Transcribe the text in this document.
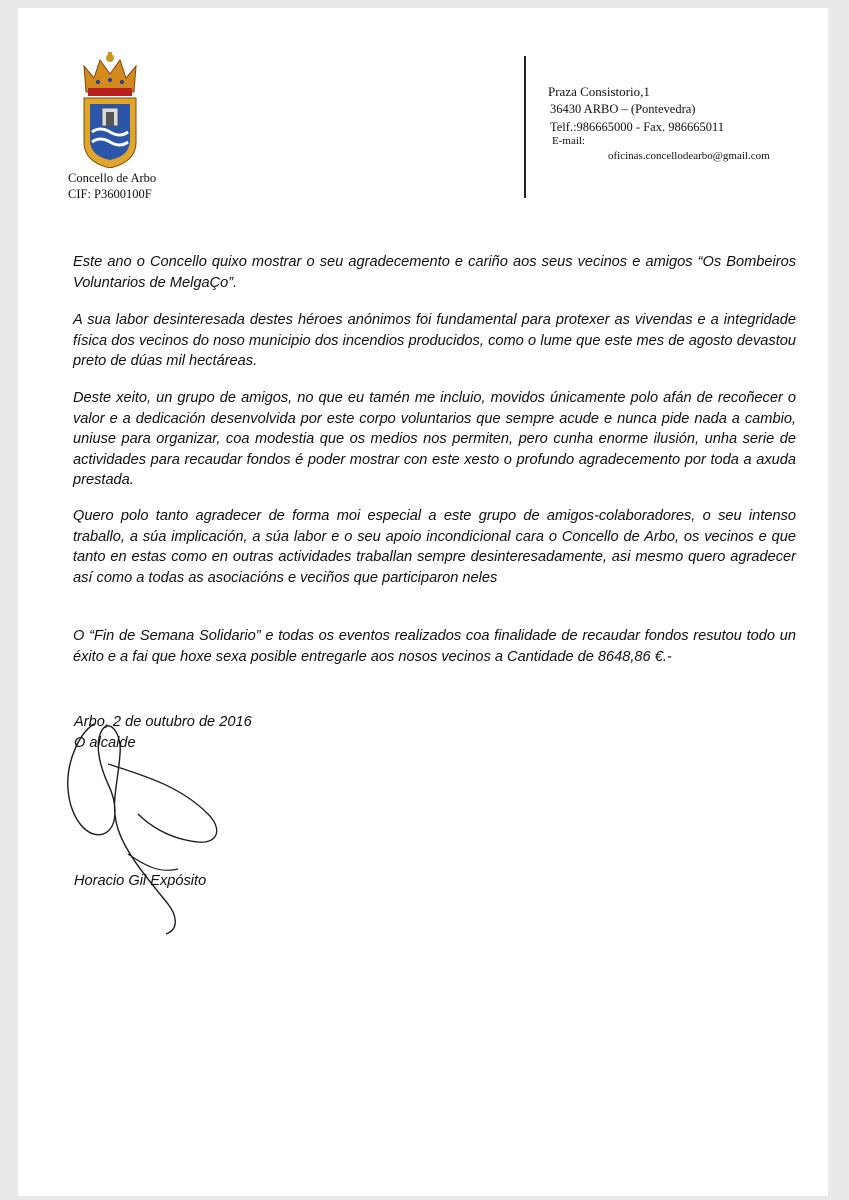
Concello de Arbo
CIF: P3600100F
Praza Consistorio,1
36430 ARBO – (Pontevedra)
Telf.:986665000 - Fax. 986665011
E-mail:
oficinas.concellodearbo@gmail.com

Este ano o Concello quixo mostrar o seu agradecemento e cariño aos seus vecinos e amigos “Os Bombeiros Voluntarios de MelgaÇo”.

A sua labor desinteresada destes héroes anónimos foi fundamental para protexer as vivendas e a integridade física dos vecinos do noso municipio dos incendios producidos, como o lume que este mes de agosto devastou preto de dúas mil hectáreas.

Deste xeito, un grupo de amigos, no que eu tamén me incluio, movidos únicamente polo afán de recoñecer o valor e a dedicación desenvolvida por este corpo voluntarios que sempre acude e nunca pide nada a cambio, uniuse para organizar, coa modestia que os medios nos permiten, pero cunha enorme ilusión, unha serie de actividades para recaudar fondos é poder mostrar con este xesto o profundo agradecemento por toda a axuda prestada.

Quero polo tanto agradecer de forma moi especial a este grupo de amigos-colaboradores, o seu intenso traballo, a súa implicación, a súa labor e o seu apoio incondicional cara o Concello de Arbo, os vecinos e que tanto en estas como en outras actividades traballan sempre desinteresadamente, asi mesmo quero agradecer así como a todas as asociacións e veciños que participaron neles

O “Fin de Semana Solidario” e todas os eventos realizados coa finalidade de recaudar fondos resutou todo un éxito e a fai que hoxe sexa posible entregarle aos nosos vecinos a Cantidade de 8648,86 €.-

Arbo, 2 de outubro de 2016
O alcalde
Horacio Gil Expósito
